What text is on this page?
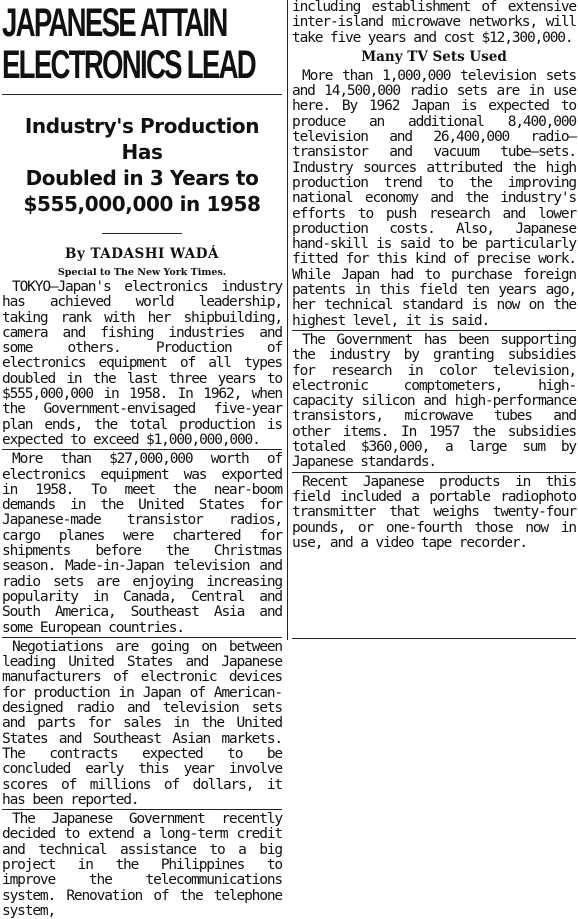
JAPANESE ATTAIN
ELECTRONICS LEAD
Industry's Production Has
Doubled in 3 Years to
$555,000,000 in 1958
By TADASHI WADÁ
Special to The New York Times.

TOKYO—Japan's electronics industry has achieved world leadership, taking rank with her shipbuilding, camera and fishing industries and some others. Production of electronics equipment of all types doubled in the last three years to $555,000,000 in 1958. In 1962, when the Government-envisaged five-year plan ends, the total production is expected to exceed $1,000,000,000.

More than $27,000,000 worth of electronics equipment was exported in 1958. To meet the near-boom demands in the United States for Japanese-made transistor radios, cargo planes were chartered for shipments before the Christmas season. Made-in-Japan television and radio sets are enjoying increasing popularity in Canada, Central and South America, Southeast Asia and some European countries.

Negotiations are going on between leading United States and Japanese manufacturers of electronic devices for production in Japan of American-designed radio and television sets and parts for sales in the United States and Southeast Asian markets. The contracts expected to be concluded early this year involve scores of millions of dollars, it has been reported.

The Japanese Government recently decided to extend a long-term credit and technical assistance to a big project in the Philippines to improve the telecommunications system. Renovation of the telephone system,

including establishment of extensive inter-island microwave networks, will take five years and cost $12,300,000.

Many TV Sets Used

More than 1,000,000 television sets and 14,500,000 radio sets are in use here. By 1962 Japan is expected to produce an additional 8,400,000 television and 26,400,000 radio—transistor and vacuum tube—sets. Industry sources attributed the high production trend to the improving national economy and the industry's efforts to push research and lower production costs. Also, Japanese hand-skill is said to be particularly fitted for this kind of precise work. While Japan had to purchase foreign patents in this field ten years ago, her technical standard is now on the highest level, it is said.

The Government has been supporting the industry by granting subsidies for research in color television, electronic comptometers, high-capacity silicon and high-performance transistors, microwave tubes and other items. In 1957 the subsidies totaled $360,000, a large sum by Japanese standards.

Recent Japanese products in this field included a portable radiophoto transmitter that weighs twenty-four pounds, or one-fourth those now in use, and a video tape recorder.
